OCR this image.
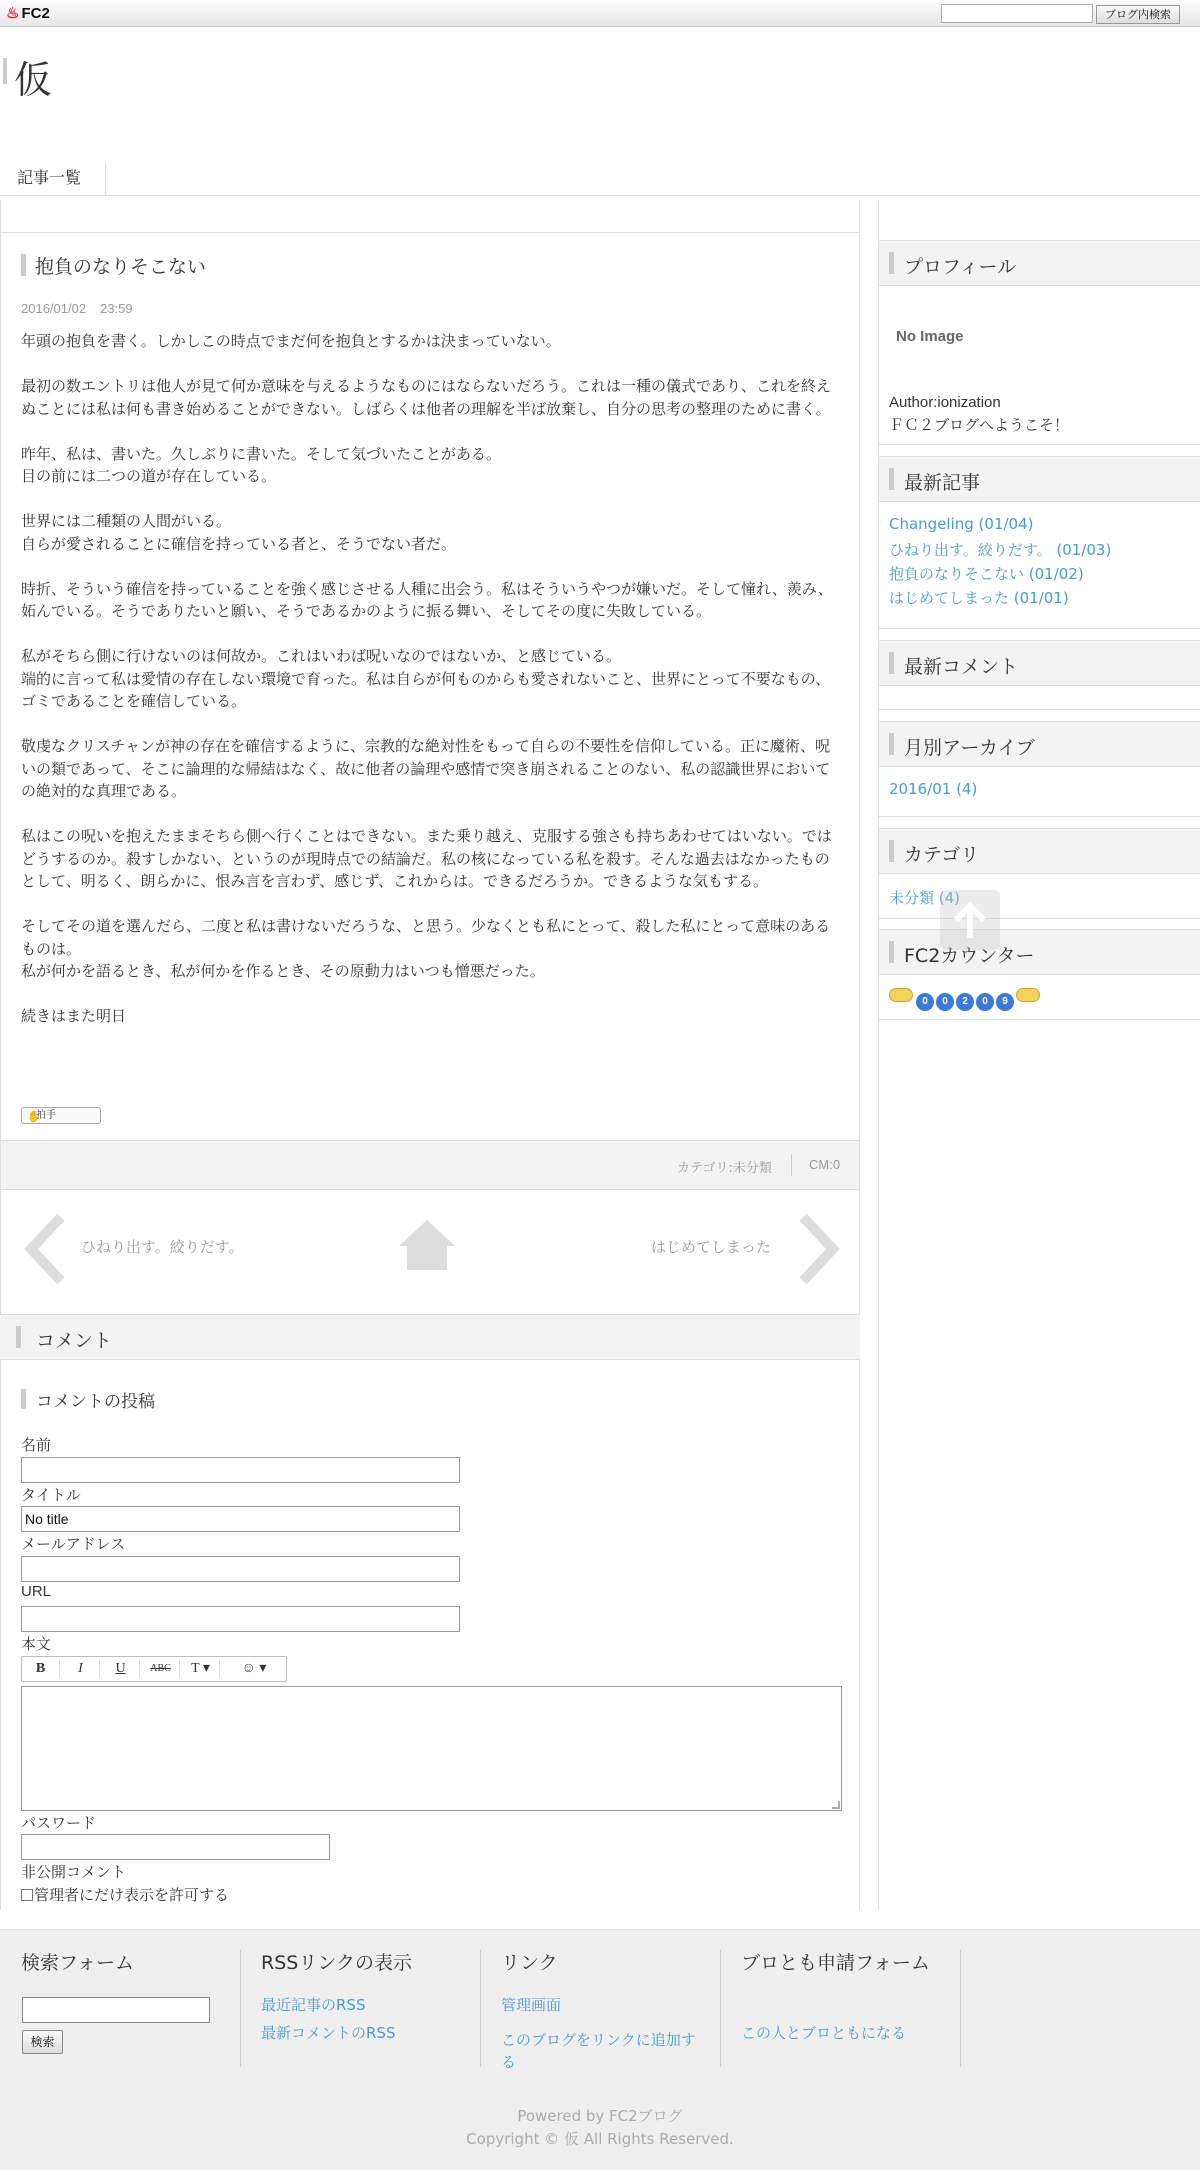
♨ FC2	ブログ内検索
仮
記事一覧
抱負のなりそこない
2016/01/02 23:59

年頭の抱負を書く。しかしこの時点でまだ何を抱負とするかは決まっていない。

最初の数エントリは他人が見て何か意味を与えるようなものにはならないだろう。これは一種の儀式であり、これを終えぬことには私は何も書き始めることができない。しばらくは他者の理解を半ば放棄し、自分の思考の整理のために書く。

昨年、私は、書いた。久しぶりに書いた。そして気づいたことがある。
目の前には二つの道が存在している。

世界には二種類の人間がいる。
自らが愛されることに確信を持っている者と、そうでない者だ。

時折、そういう確信を持っていることを強く感じさせる人種に出会う。私はそういうやつが嫌いだ。そして憧れ、羨み、妬んでいる。そうでありたいと願い、そうであるかのように振る舞い、そしてその度に失敗している。

私がそちら側に行けないのは何故か。これはいわば呪いなのではないか、と感じている。
端的に言って私は愛情の存在しない環境で育った。私は自らが何ものからも愛されないこと、世界にとって不要なもの、ゴミであることを確信している。

敬虔なクリスチャンが神の存在を確信するように、宗教的な絶対性をもって自らの不要性を信仰している。正に魔術、呪いの類であって、そこに論理的な帰結はなく、故に他者の論理や感情で突き崩されることのない、私の認識世界においての絶対的な真理である。

私はこの呪いを抱えたままそちら側へ行くことはできない。また乗り越え、克服する強さも持ちあわせてはいない。ではどうするのか。殺すしかない、というのが現時点での結論だ。私の核になっている私を殺す。そんな過去はなかったものとして、明るく、朗らかに、恨み言を言わず、感じず、これからは。できるだろうか。できるような気もする。

そしてその道を選んだら、二度と私は書けないだろうな、と思う。少なくとも私にとって、殺した私にとって意味のあるものは。
私が何かを語るとき、私が何かを作るとき、その原動力はいつも憎悪だった。

続きはまた明日

✋
拍手
カテゴリ:未分類	CM:0
ひねり出す。絞りだす。	はじめてしまった
コメント
コメントの投稿
名前
タイトル
No title
メールアドレス
URL
本文
B	I	U	ABC	T ▾	☺ ▾
パスワード
非公開コメント
管理者にだけ表示を許可する
プロフィール
No Image
Author:ionization
ＦＣ２ブログへようこそ！
最新記事
Changeling (01/04)
ひねり出す。絞りだす。 (01/03)
抱負のなりそこない (01/02)
はじめてしまった (01/01)
最新コメント
月別アーカイブ
2016/01 (4)
カテゴリ
未分類 (4)
FC2カウンター
0 0 2 0 9
検索フォーム
検索
RSSリンクの表示
最近記事のRSS
最新コメントのRSS
リンク
管理画面
このブログをリンクに追加する
ブロとも申請フォーム
この人とブロともになる
Powered by FC2ブログ
Copyright © 仮 All Rights Reserved.
